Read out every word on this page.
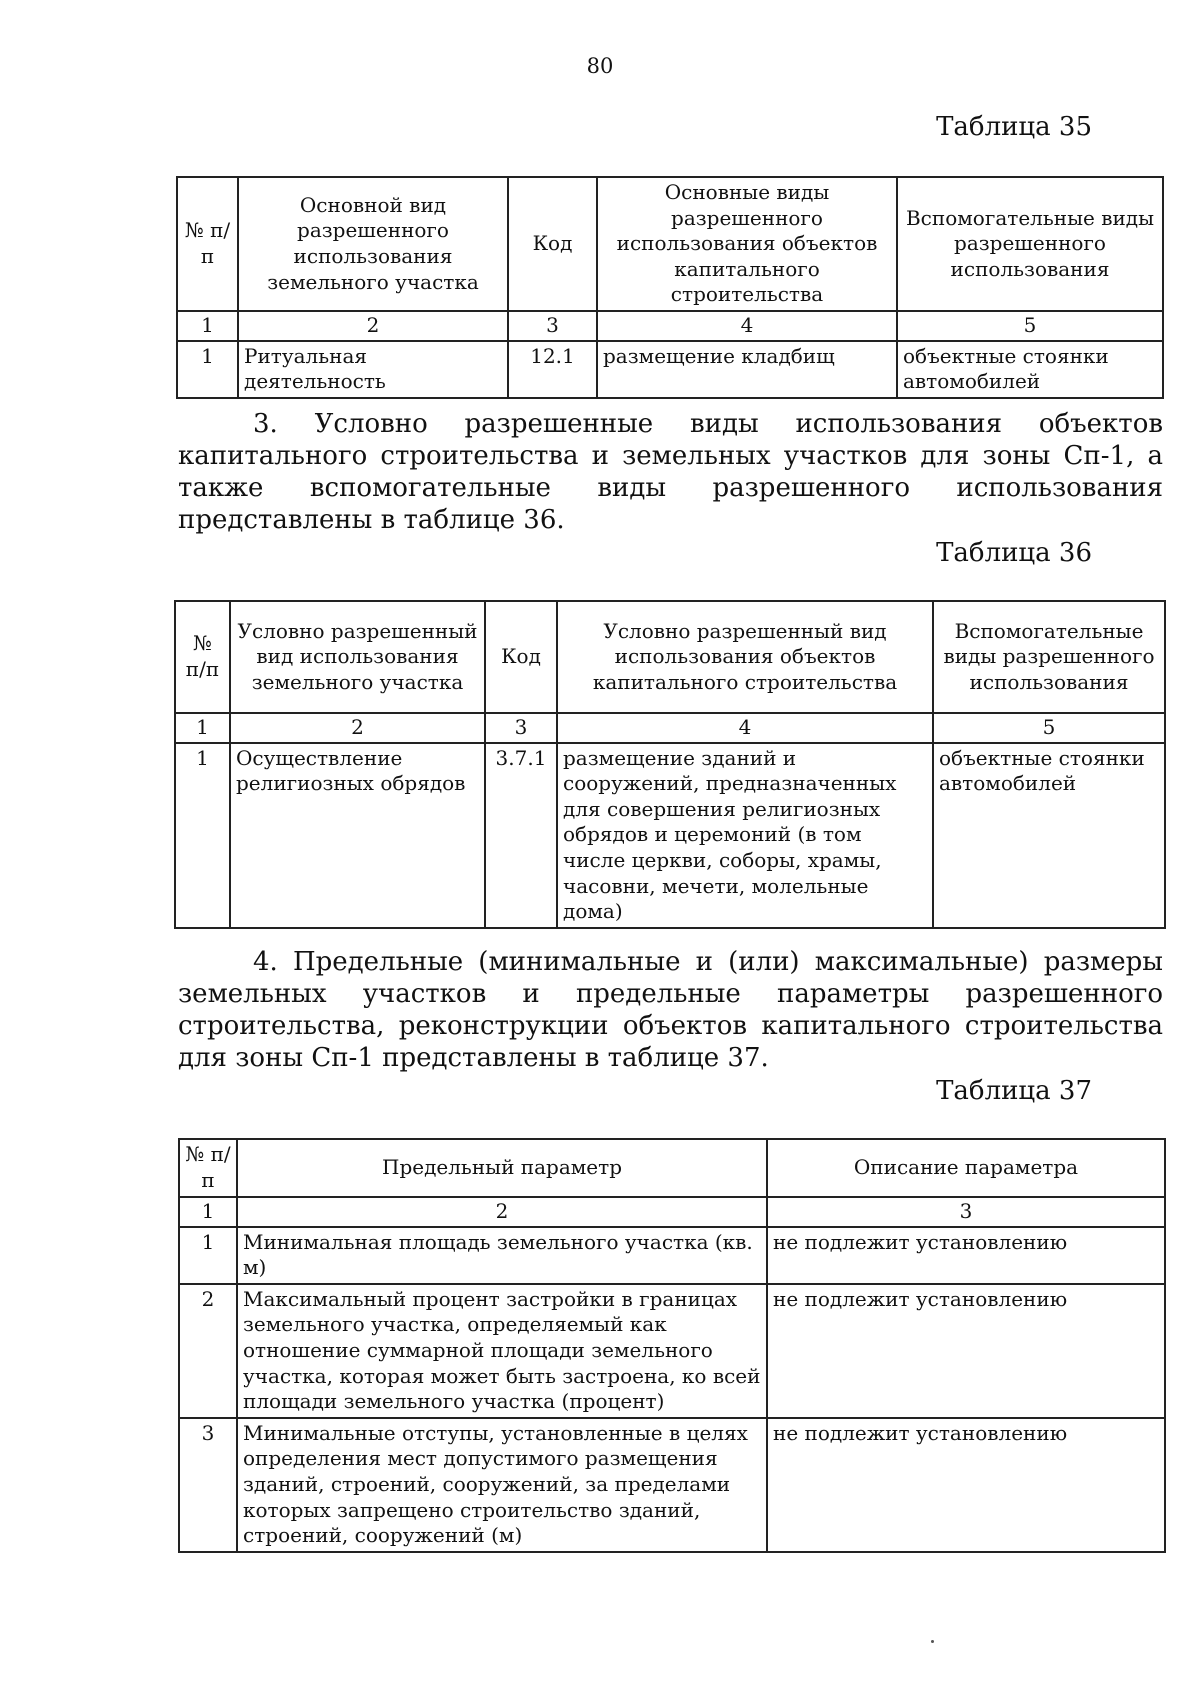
80
Таблица 35
№ п/п	Основной вид разрешенного использования земельного участка	Код	Основные виды разрешенного использования объектов капитального строительства	Вспомогательные виды разрешенного использования
1	2	3	4	5
1	Ритуальная деятельность	12.1	размещение кладбищ	объектные стоянки автомобилей
3. Условно разрешенные виды использования объектов капитального строительства и земельных участков для зоны Сп-1, а также вспомогательные виды разрешенного использования представлены в таблице 36.
Таблица 36
№ п/п	Условно разрешенный вид использования земельного участка	Код	Условно разрешенный вид использования объектов капитального строительства	Вспомогательные виды разрешенного использования
1	2	3	4	5
1	Осуществление религиозных обрядов	3.7.1	размещение зданий и сооружений, предназначенных для совершения религиозных обрядов и церемоний (в том числе церкви, соборы, храмы, часовни, мечети, молельные дома)	объектные стоянки автомобилей
4. Предельные (минимальные и (или) максимальные) размеры земельных участков и предельные параметры разрешенного строительства, реконструкции объектов капитального строительства для зоны Сп-1 представлены в таблице 37.
Таблица 37
№ п/п	Предельный параметр	Описание параметра
1	2	3
1	Минимальная площадь земельного участка (кв. м)	не подлежит установлению
2	Максимальный процент застройки в границах земельного участка, определяемый как отношение суммарной площади земельного участка, которая может быть застроена, ко всей площади земельного участка (процент)	не подлежит установлению
3	Минимальные отступы, установленные в целях определения мест допустимого размещения зданий, строений, сооружений, за пределами которых запрещено строительство зданий, строений, сооружений (м)	не подлежит установлению
